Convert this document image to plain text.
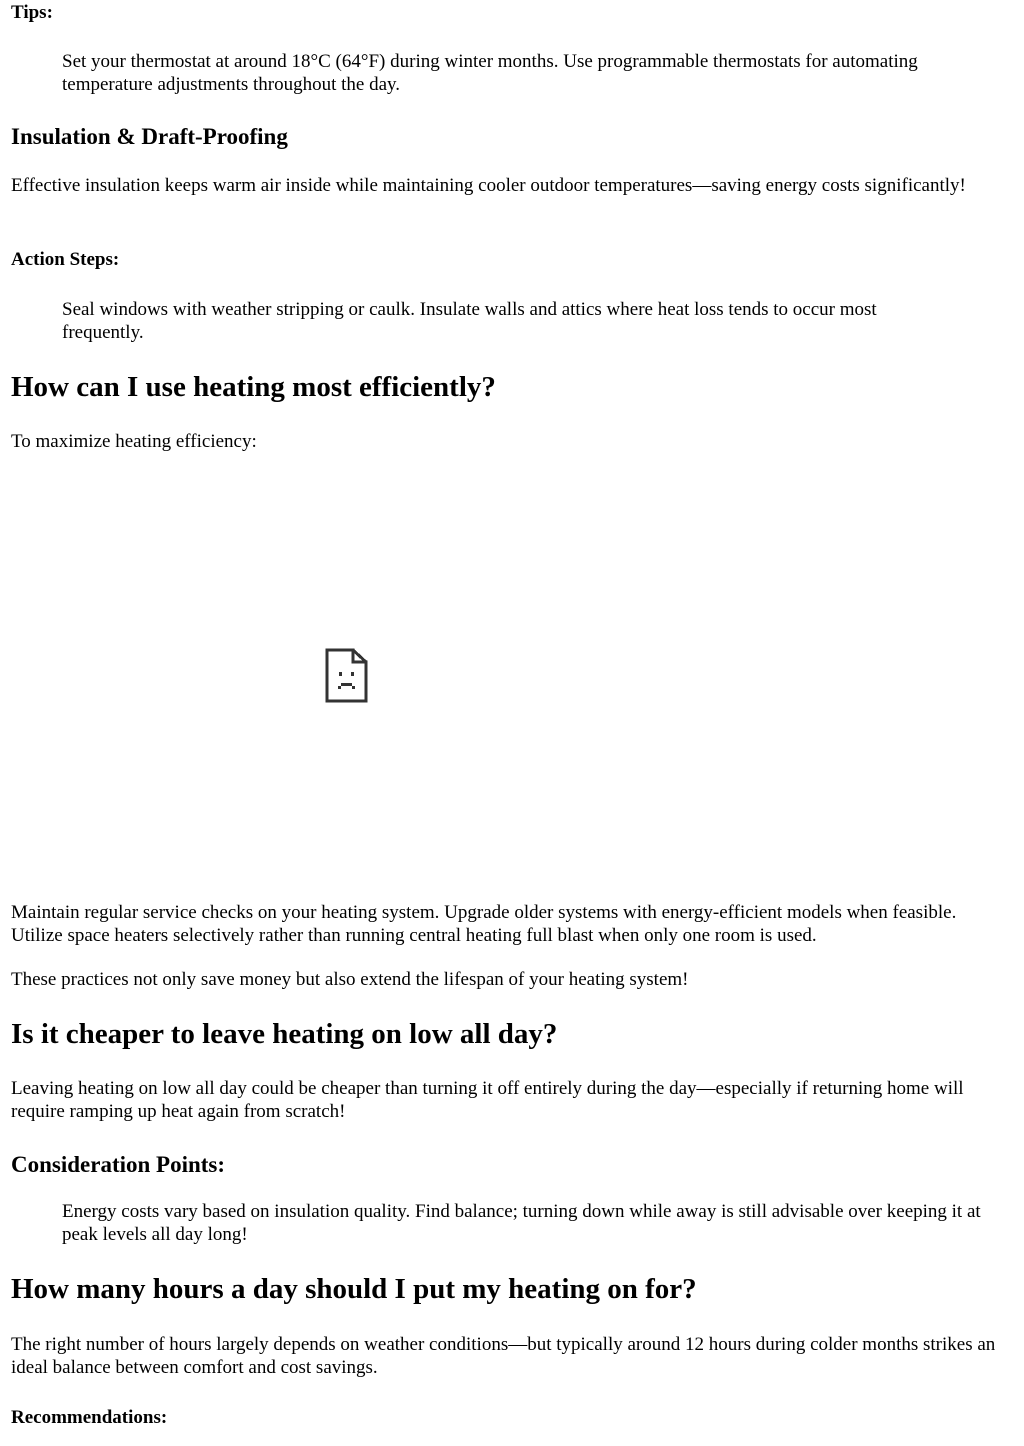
Tips:

Set your thermostat at around 18°C (64°F) during winter months. Use programmable thermostats for automating temperature adjustments throughout the day.

Insulation & Draft-Proofing

Effective insulation keeps warm air inside while maintaining cooler outdoor temperatures—saving energy costs significantly!

Action Steps:

Seal windows with weather stripping or caulk. Insulate walls and attics where heat loss tends to occur most frequently.

How can I use heating most efficiently?

To maximize heating efficiency:

Maintain regular service checks on your heating system. Upgrade older systems with energy-efficient models when feasible. Utilize space heaters selectively rather than running central heating full blast when only one room is used.

These practices not only save money but also extend the lifespan of your heating system!

Is it cheaper to leave heating on low all day?

Leaving heating on low all day could be cheaper than turning it off entirely during the day—especially if returning home will require ramping up heat again from scratch!

Consideration Points:

Energy costs vary based on insulation quality. Find balance; turning down while away is still advisable over keeping it at peak levels all day long!

How many hours a day should I put my heating on for?

The right number of hours largely depends on weather conditions—but typically around 12 hours during colder months strikes an ideal balance between comfort and cost savings.

Recommendations:
